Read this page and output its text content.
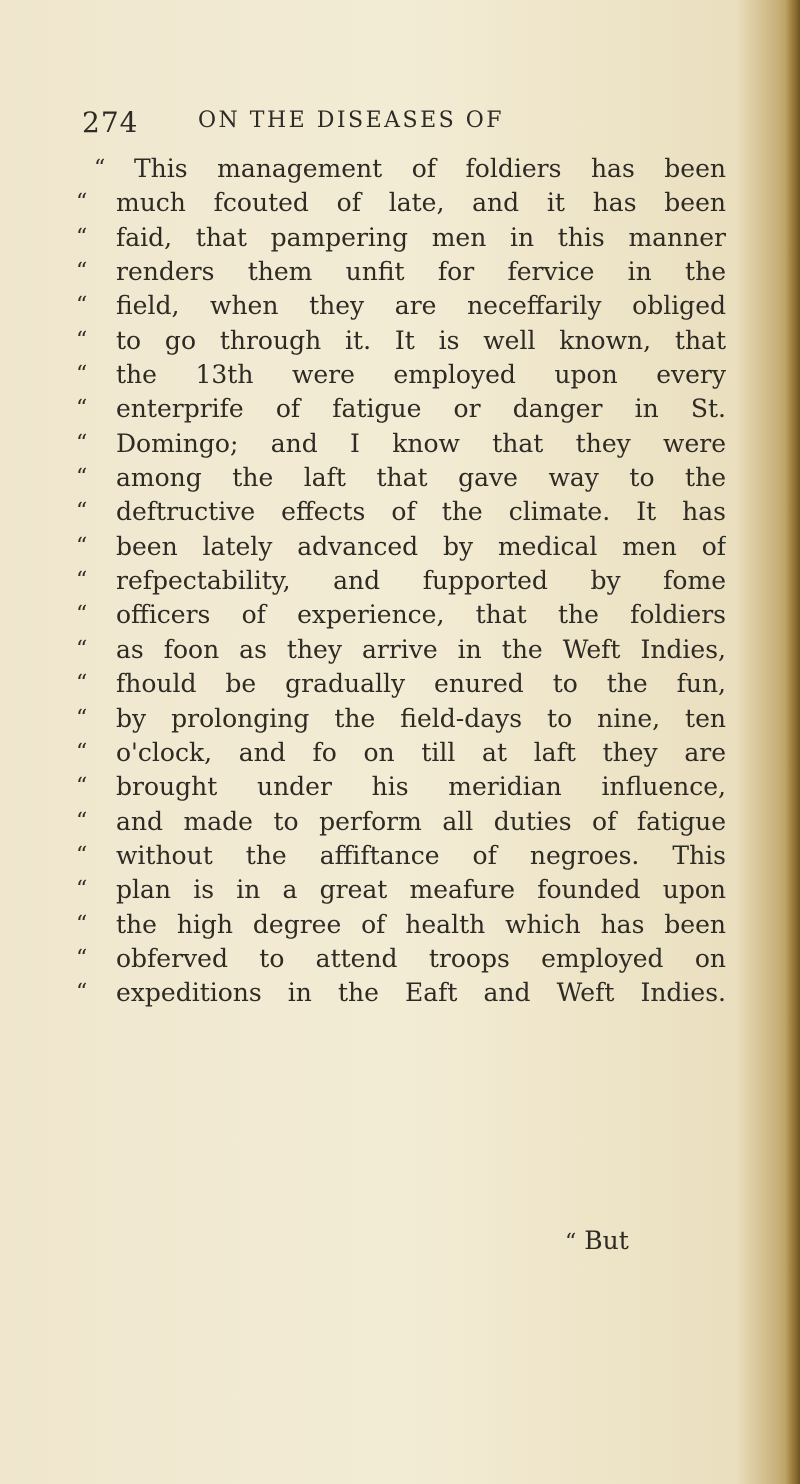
274	ON THE DISEASES OF
“	This management of foldiers has been
“	much fcouted of late, and it has been
“	faid, that pampering men in this manner
“	renders them unfit for fervice in the
“	field, when they are neceffarily obliged
“	to go through it. It is well known, that
“	the 13th were employed upon every
“	enterprife of fatigue or danger in St.
“	Domingo; and I know that they were
“	among the laft that gave way to the
“	deftructive effects of the climate. It has
“	been lately advanced by medical men of
“	refpectability, and fupported by fome
“	officers of experience, that the foldiers
“	as foon as they arrive in the Weft Indies,
“	fhould be gradually enured to the fun,
“	by prolonging the field-days to nine, ten
“	o'clock, and fo on till at laft they are
“	brought under his meridian influence,
“	and made to perform all duties of fatigue
“	without the affiftance of negroes. This
“	plan is in a great meafure founded upon
“	the high degree of health which has been
“	obferved to attend troops employed on
“	expeditions in the Eaft and Weft Indies.
“ But
